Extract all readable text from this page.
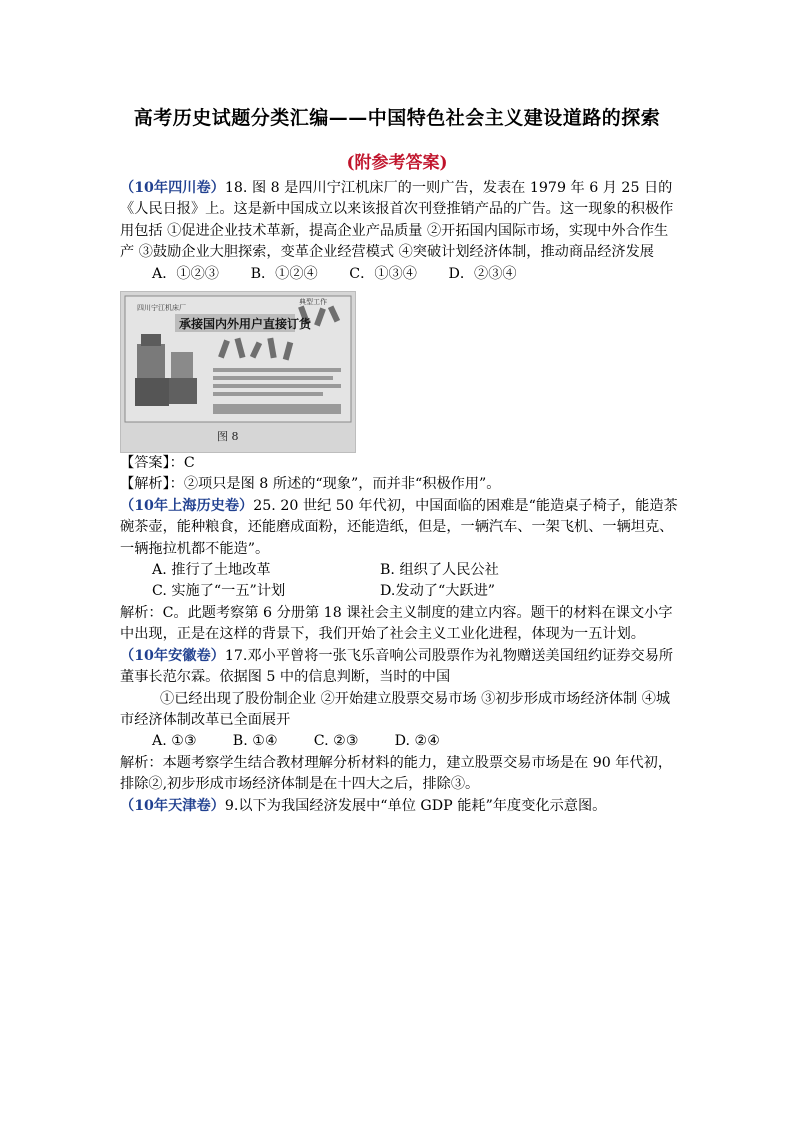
高考历史试题分类汇编——中国特色社会主义建设道路的探索
(附参考答案)

（10年四川卷）18. 图 8 是四川宁江机床厂的一则广告，发表在 1979 年 6 月 25 日的《人民日报》上。这是新中国成立以来该报首次刊登推销产品的广告。这一现象的积极作用包括 ①促进企业技术革新，提高企业产品质量 ②开拓国内国际市场，实现中外合作生产 ③鼓励企业大胆探索，变革企业经营模式 ④突破计划经济体制，推动商品经济发展

A．①②③       B．①②④       C．①③④       D．②③④

四川宁江机床厂
典型工作
承接国内外用户直接订货
图 8

【答案】：C

【解析】：②项只是图 8 所述的“现象”，而并非“积极作用”。

（10年上海历史卷）25. 20 世纪 50 年代初，中国面临的困难是“能造桌子椅子，能造茶碗茶壶，能种粮食，还能磨成面粉，还能造纸，但是，一辆汽车、一架飞机、一辆坦克、一辆拖拉机都不能造”。

A. 推行了土地改革	B. 组织了人民公社

C. 实施了“一五”计划	D.发动了“大跃进”

解析：C。此题考察第 6 分册第 18 课社会主义制度的建立内容。题干的材料在课文小字中出现，正是在这样的背景下，我们开始了社会主义工业化进程，体现为一五计划。

（10年安徽卷）17.邓小平曾将一张飞乐音响公司股票作为礼物赠送美国纽约证券交易所董事长范尔霖。依据图 5 中的信息判断，当时的中国

①已经出现了股份制企业 ②开始建立股票交易市场 ③初步形成市场经济体制 ④城市经济体制改革已全面展开

A. ①③        B. ①④        C. ②③        D. ②④

解析：本题考察学生结合教材理解分析材料的能力，建立股票交易市场是在 90 年代初，排除②,初步形成市场经济体制是在十四大之后，排除③。

（10年天津卷）9.以下为我国经济发展中“单位 GDP 能耗”年度变化示意图。
